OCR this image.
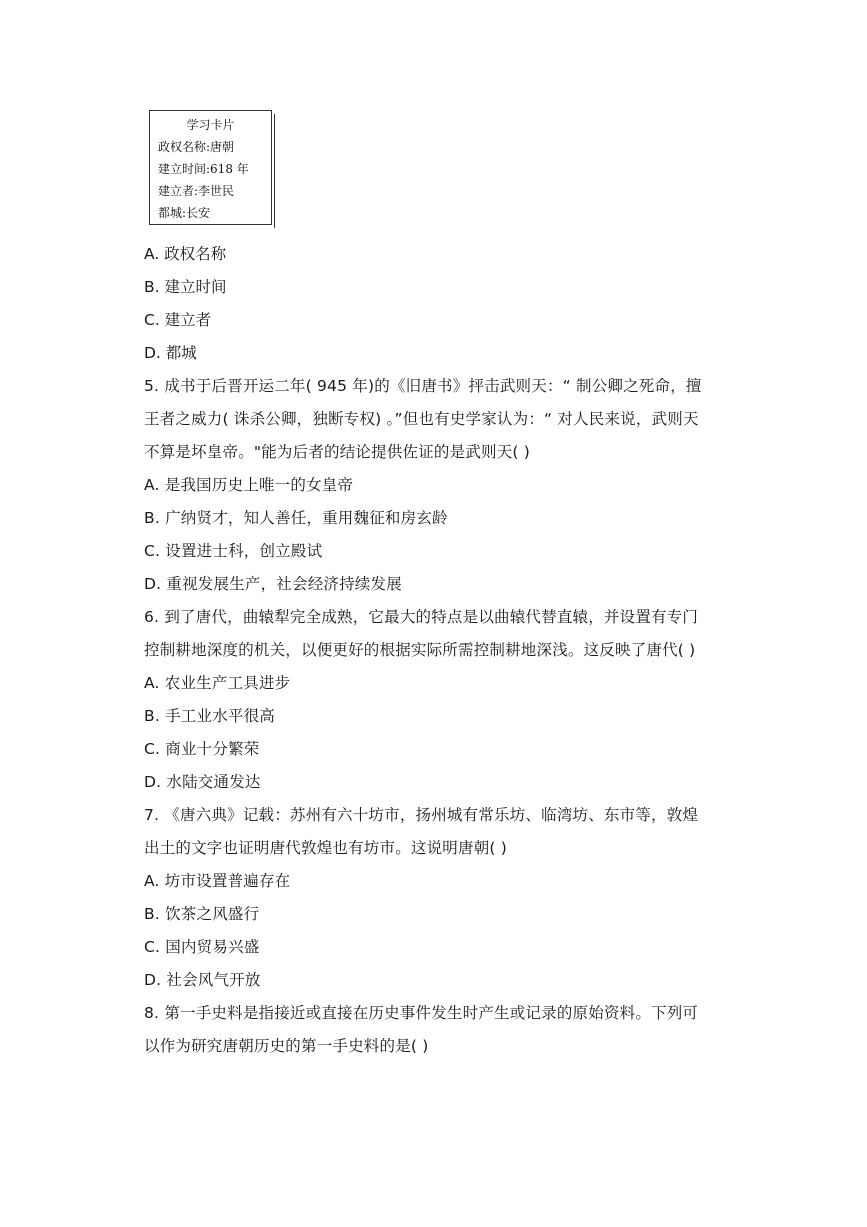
学习卡片
政权名称:唐朝
建立时间:618 年
建立者:李世民
都城:长安
A. 政权名称
B. 建立时间
C. 建立者
D. 都城
5. 成书于后晋开运二年( 945 年)的《旧唐书》抨击武则天：“ 制公卿之死命，擅
王者之威力( 诛杀公卿，独断专权) 。”但也有史学家认为：“ 对人民来说，武则天
不算是坏皇帝。"能为后者的结论提供佐证的是武则天( )
A. 是我国历史上唯一的女皇帝
B. 广纳贤才，知人善任，重用魏征和房玄龄
C. 设置进士科，创立殿试
D. 重视发展生产，社会经济持续发展
6. 到了唐代，曲辕犁完全成熟，它最大的特点是以曲辕代替直辕，并设置有专门
控制耕地深度的机关，以便更好的根据实际所需控制耕地深浅。这反映了唐代( )
A. 农业生产工具进步
B. 手工业水平很高
C. 商业十分繁荣
D. 水陆交通发达
7. 《唐六典》记载：苏州有六十坊市，扬州城有常乐坊、临湾坊、东市等，敦煌
出土的文字也证明唐代敦煌也有坊市。这说明唐朝( )
A. 坊市设置普遍存在
B. 饮茶之风盛行
C. 国内贸易兴盛
D. 社会风气开放
8. 第一手史料是指接近或直接在历史事件发生时产生或记录的原始资料。下列可
以作为研究唐朝历史的第一手史料的是( )
